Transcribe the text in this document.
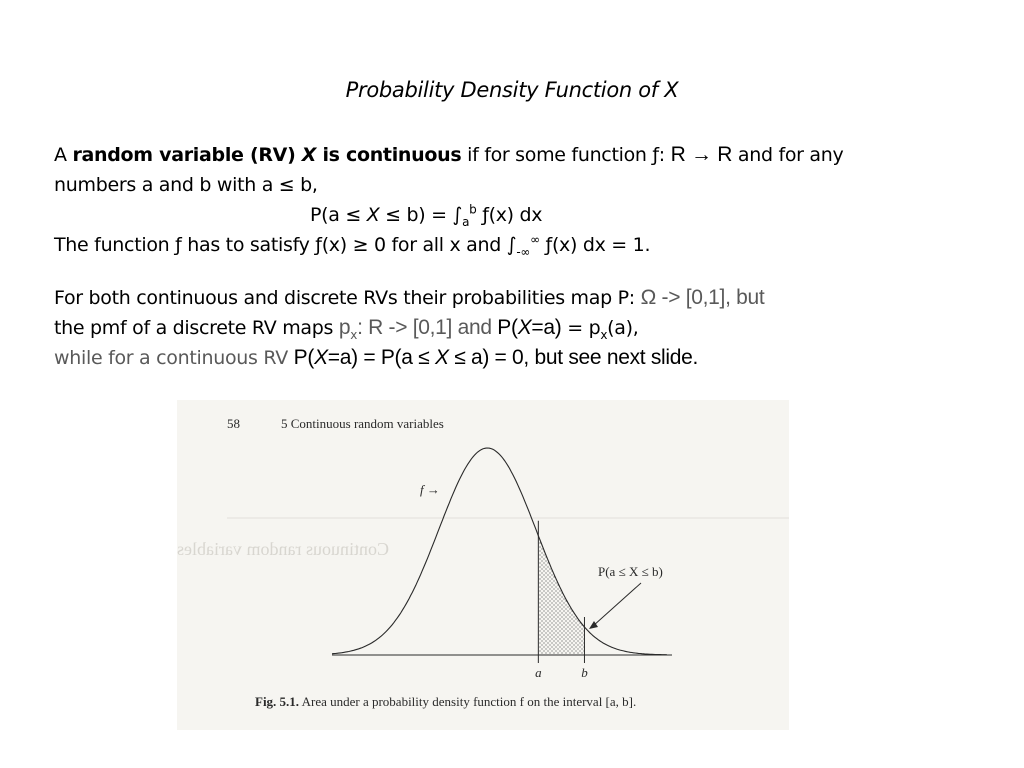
Probability Density Function of X
A random variable (RV) X is continuous if for some function ƒ: R → R and for any
numbers a and b with a ≤ b,
$P(a \le X \le b) = \int_a^b$ ƒ(x) dx
The function ƒ has to satisfy ƒ(x) ≥ 0 for all x and $\int_{-\infty}^\infty$ ƒ(x) dx = 1.
For both continuous and discrete RVs their probabilities map P: Ω -> [0,1], but
the pmf of a discrete RV maps $p_x$: R -> [0,1] and $P(X=a) = p_x(a)$,
while for a continuous RV P(X=a) = P(a ≤ X ≤ a) = 0, but see next slide.
Continuous random variables
58	5 Continuous random variables
f →
P(a ≤ X ≤ b)
a	b
Fig. 5.1. Area under a probability density function f on the interval [a, b].
